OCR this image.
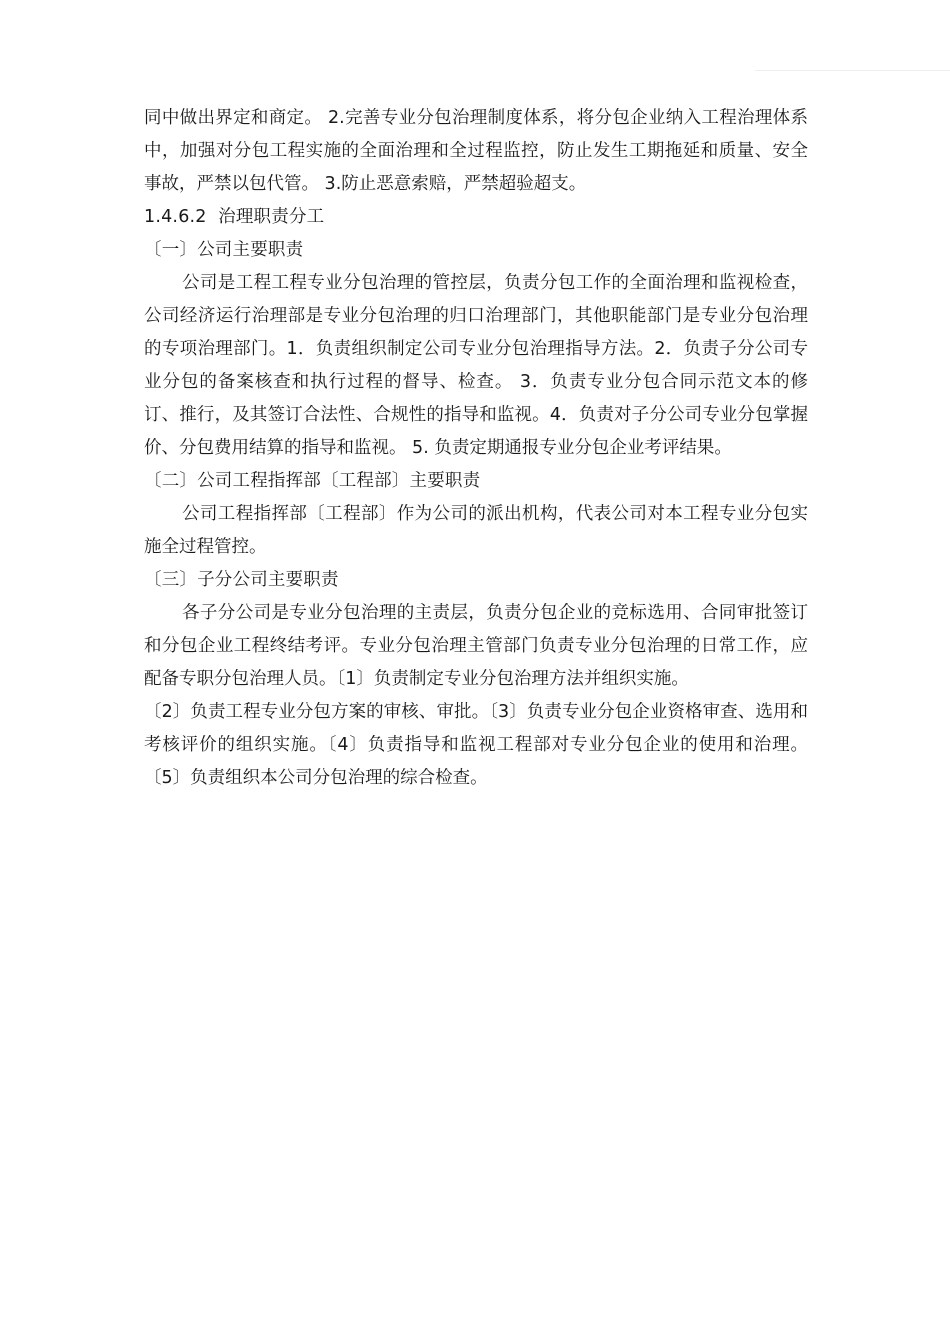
同中做出界定和商定。 2.完善专业分包治理制度体系，将分包企业纳入工程治理体系中，加强对分包工程实施的全面治理和全过程监控，防止发生工期拖延和质量、安全事故，严禁以包代管。 3.防止恶意索赔，严禁超验超支。

1.4.6.2  治理职责分工

〔一〕公司主要职责

公司是工程工程专业分包治理的管控层，负责分包工作的全面治理和监视检查，公司经济运行治理部是专业分包治理的归口治理部门，其他职能部门是专业分包治理的专项治理部门。1．负责组织制定公司专业分包治理指导方法。2．负责子分公司专业分包的备案核查和执行过程的督导、检查。 3．负责专业分包合同示范文本的修订、推行，及其签订合法性、合规性的指导和监视。4．负责对子分公司专业分包掌握价、分包费用结算的指导和监视。 5. 负责定期通报专业分包企业考评结果。

〔二〕公司工程指挥部〔工程部〕主要职责

公司工程指挥部〔工程部〕作为公司的派出机构，代表公司对本工程专业分包实施全过程管控。

〔三〕子分公司主要职责

各子分公司是专业分包治理的主责层，负责分包企业的竞标选用、合同审批签订和分包企业工程终结考评。专业分包治理主管部门负责专业分包治理的日常工作，应配备专职分包治理人员。〔1〕负责制定专业分包治理方法并组织实施。

〔2〕负责工程专业分包方案的审核、审批。〔3〕负责专业分包企业资格审查、选用和考核评价的组织实施。〔4〕负责指导和监视工程部对专业分包企业的使用和治理。 〔5〕负责组织本公司分包治理的综合检查。
